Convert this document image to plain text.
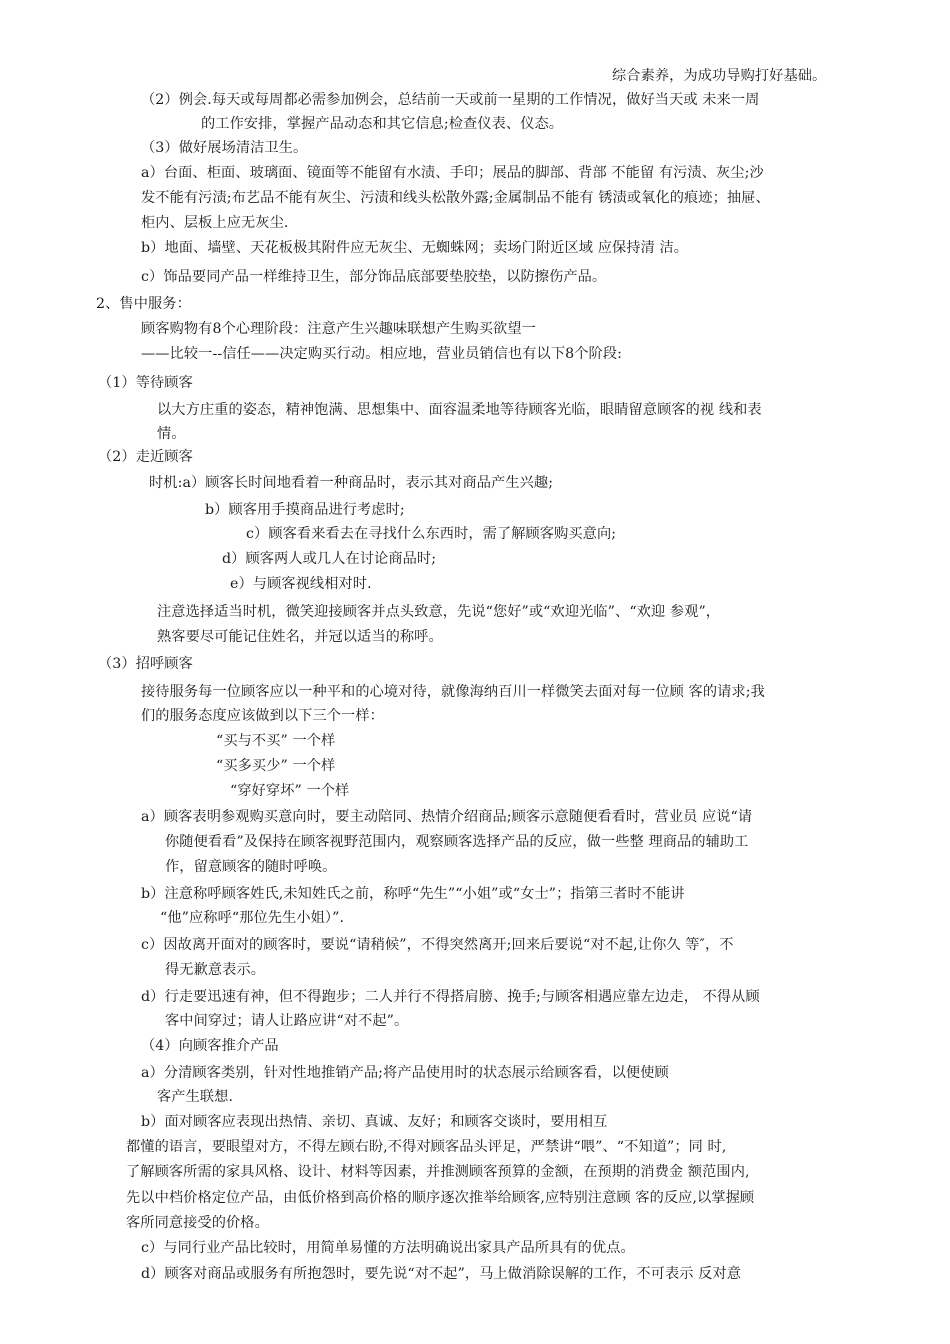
综合素养，为成功导购打好基础。
（2）例会.每天或每周都必需参加例会，总结前一天或前一星期的工作情况，做好当天或 未来一周
的工作安排，掌握产品动态和其它信息;检查仪表、仪态。
（3）做好展场清洁卫生。
a）台面、柜面、玻璃面、镜面等不能留有水渍、手印；展品的脚部、背部 不能留 有污渍、灰尘;沙
发不能有污渍;布艺品不能有灰尘、污渍和线头松散外露;金属制品不能有 锈渍或氧化的痕迹；抽屉、
柜内、层板上应无灰尘.
b）地面、墙壁、天花板极其附件应无灰尘、无蜘蛛网；卖场门附近区域 应保持清 洁。
c）饰品要同产品一样维持卫生，部分饰品底部要垫胶垫，以防擦伤产品。
2、售中服务：
顾客购物有8个心理阶段：注意产生兴趣味联想产生购买欲望一
——比较一--信任——决定购买行动。相应地，营业员销信也有以下8个阶段:
（1）等待顾客
以大方庄重的姿态，精神饱满、思想集中、面容温柔地等待顾客光临，眼睛留意顾客的视 线和表
情。
（2）走近顾客
时机:a）顾客长时间地看着一种商品时，表示其对商品产生兴趣;
b）顾客用手摸商品进行考虑时;
c）顾客看来看去在寻找什么东西时，需了解顾客购买意向;
d）顾客两人或几人在讨论商品时;
e）与顾客视线相对时.
注意选择适当时机，微笑迎接顾客并点头致意，先说“您好”或“欢迎光临”、“欢迎 参观”，
熟客要尽可能记住姓名，并冠以适当的称呼。
（3）招呼顾客
接待服务每一位顾客应以一种平和的心境对待，就像海纳百川一样微笑去面对每一位顾 客的请求;我
们的服务态度应该做到以下三个一样：
“买与不买” 一个样
“买多买少” 一个样
“穿好穿坏” 一个样
a）顾客表明参观购买意向时，要主动陪同、热情介绍商品;顾客示意随便看看时，营业员 应说“请
你随便看看”及保持在顾客视野范围内，观察顾客选择产品的反应，做一些整 理商品的辅助工
作，留意顾客的随时呼唤。
b）注意称呼顾客姓氏,未知姓氏之前，称呼“先生”“小姐”或“女士”；指第三者时不能讲
“他”应称呼“那位先生小姐）”.
c）因故离开面对的顾客时，要说“请稍候”，不得突然离开;回来后要说“对不起,让你久 等″，不
得无歉意表示。
d）行走要迅速有神，但不得跑步；二人并行不得搭肩膀、挽手;与顾客相遇应靠左边走， 不得从顾
客中间穿过；请人让路应讲“对不起”。
（4）向顾客推介产品
a）分清顾客类别，针对性地推销产品;将产品使用时的状态展示给顾客看，以便使顾
客产生联想.
b）面对顾客应表现出热情、亲切、真诚、友好；和顾客交谈时，要用相互
都懂的语言，要眼望对方，不得左顾右盼,不得对顾客品头评足，严禁讲“喂”、“不知道”；同 时,
了解顾客所需的家具风格、设计、材料等因素，并推测顾客预算的金额，在预期的消费金 额范围内,
先以中档价格定位产品，由低价格到高价格的顺序逐次推举给顾客,应特别注意顾 客的反应,以掌握顾
客所同意接受的价格。
c）与同行业产品比较时，用简单易懂的方法明确说出家具产品所具有的优点。
d）顾客对商品或服务有所抱怨时，要先说“对不起”，马上做消除误解的工作，不可表示 反对意
